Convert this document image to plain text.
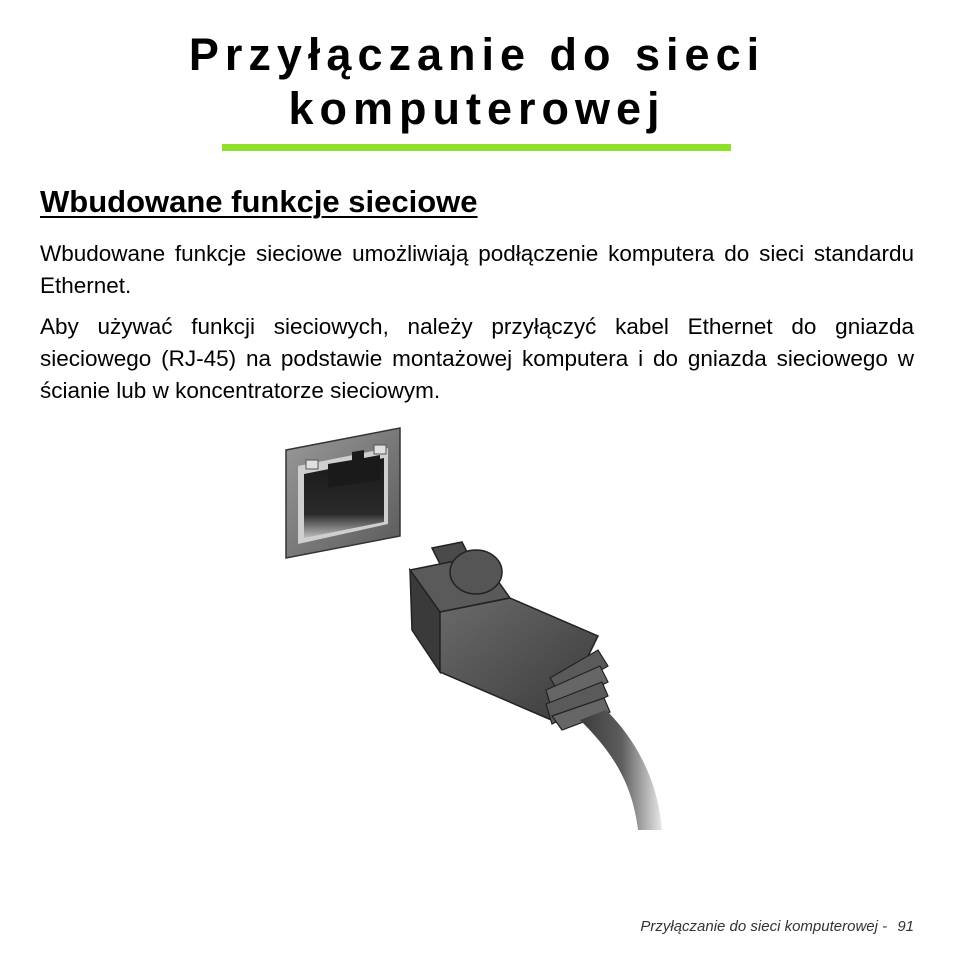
Przyłączanie do sieci
komputerowej
Wbudowane funkcje sieciowe

Wbudowane funkcje sieciowe umożliwiają podłączenie komputera do sieci standardu Ethernet.

Aby używać funkcji sieciowych, należy przyłączyć kabel Ethernet do gniazda sieciowego (RJ-45) na podstawie montażowej komputera i do gniazda sieciowego w ścianie lub w koncentratorze sieciowym.

Przyłączanie do sieci komputerowej - 91
